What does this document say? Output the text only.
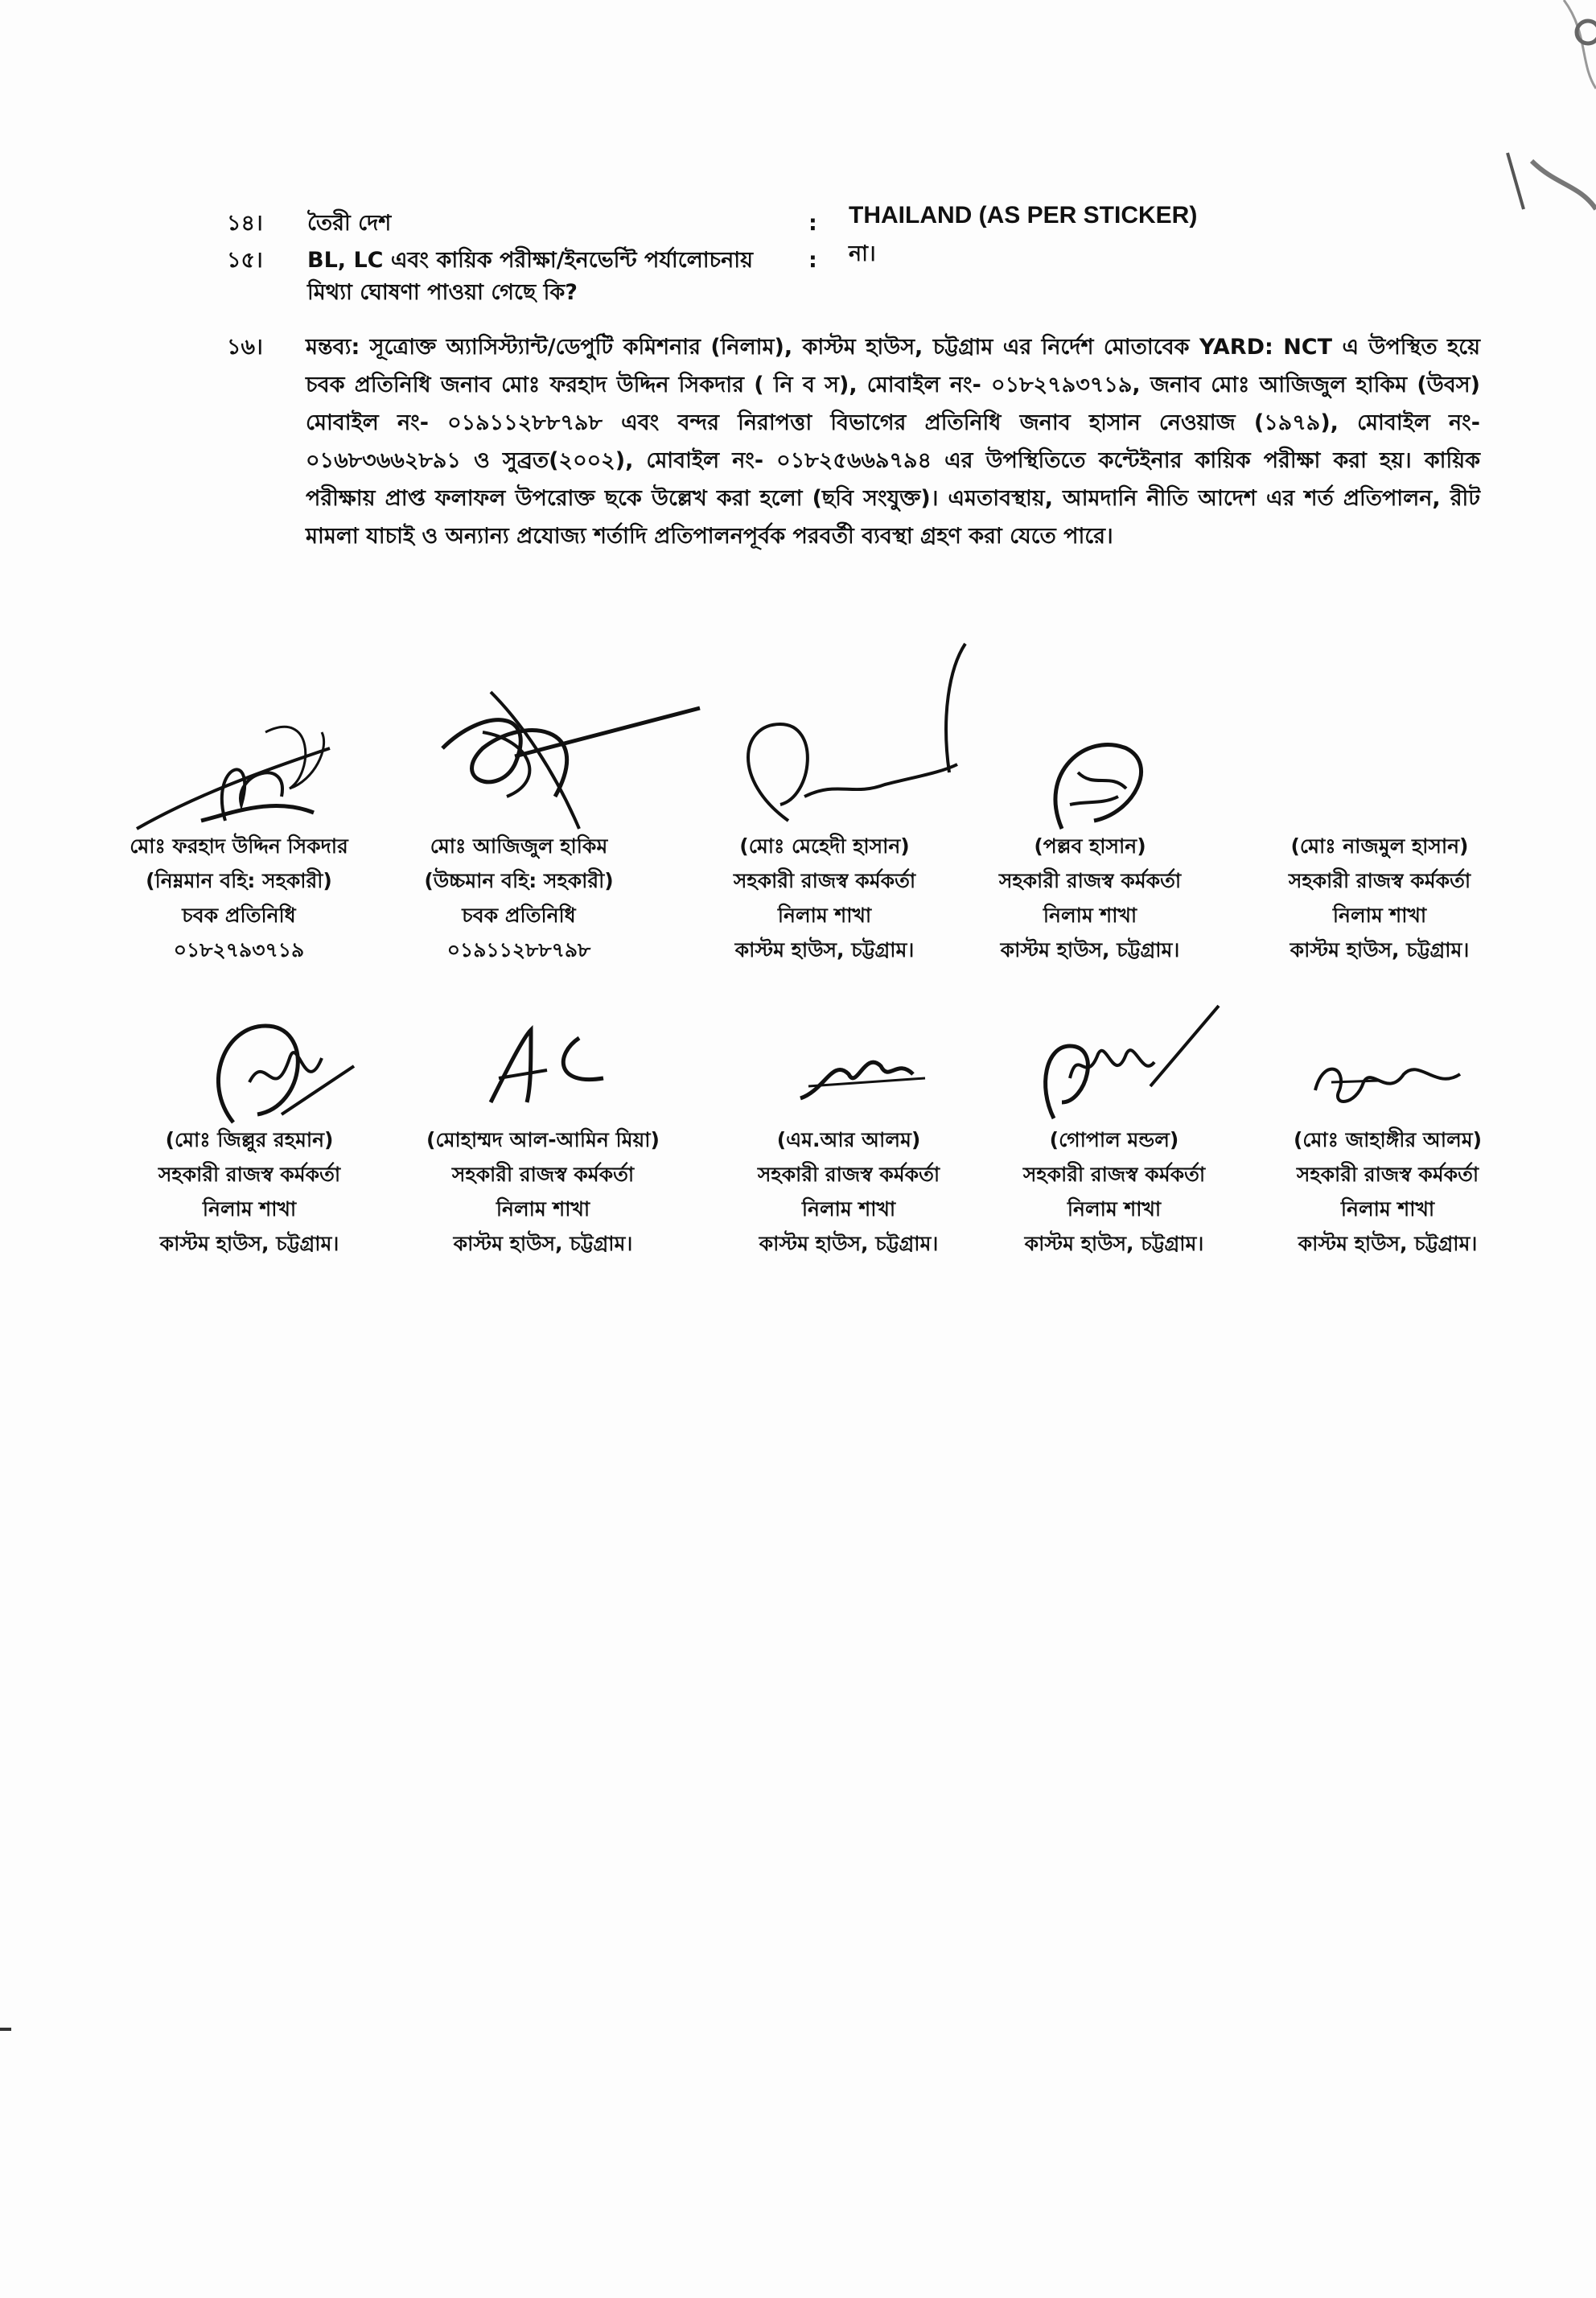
১৪।	তৈরী দেশ	:	THAILAND (AS PER STICKER)
১৫।	BL, LC এবং কায়িক পরীক্ষা/ইনভেন্টি পর্যালোচনায়
মিথ্যা ঘোষণা পাওয়া গেছে কি?
:	না।
১৬।	মন্তব্য: সূত্রোক্ত অ্যাসিস্ট্যান্ট/ডেপুটি কমিশনার (নিলাম), কাস্টম হাউস, চট্টগ্রাম এর নির্দেশ মোতাবেক YARD: NCT এ উপস্থিত হয়ে চবক প্রতিনিধি জনাব মোঃ ফরহাদ উদ্দিন সিকদার ( নি ব স), মোবাইল নং- ০১৮২৭৯৩৭১৯, জনাব মোঃ আজিজুল হাকিম (উবস) মোবাইল নং- ০১৯১১২৮৮৭৯৮ এবং বন্দর নিরাপত্তা বিভাগের প্রতিনিধি জনাব হাসান নেওয়াজ (১৯৭৯), মোবাইল নং- ০১৬৮৩৬৬২৮৯১ ও সুব্রত(২০০২), মোবাইল নং- ০১৮২৫৬৬৯৭৯৪ এর উপস্থিতিতে কন্টেইনার কায়িক পরীক্ষা করা হয়। কায়িক পরীক্ষায় প্রাপ্ত ফলাফল উপরোক্ত ছকে উল্লেখ করা হলো (ছবি সংযুক্ত)। এমতাবস্থায়, আমদানি নীতি আদেশ এর শর্ত প্রতিপালন, রীট মামলা যাচাই ও অন্যান্য প্রযোজ্য শর্তাদি প্রতিপালনপূর্বক পরবর্তী ব্যবস্থা গ্রহণ করা যেতে পারে।
মোঃ ফরহাদ উদ্দিন সিকদার
(নিম্নমান বহি: সহকারী)
চবক প্রতিনিধি
০১৮২৭৯৩৭১৯
মোঃ আজিজুল হাকিম
(উচ্চমান বহি: সহকারী)
চবক প্রতিনিধি
০১৯১১২৮৮৭৯৮
(মোঃ মেহেদী হাসান)
সহকারী রাজস্ব কর্মকর্তা
নিলাম শাখা
কাস্টম হাউস, চট্টগ্রাম।
(পল্লব হাসান)
সহকারী রাজস্ব কর্মকর্তা
নিলাম শাখা
কাস্টম হাউস, চট্টগ্রাম।
(মোঃ নাজমুল হাসান)
সহকারী রাজস্ব কর্মকর্তা
নিলাম শাখা
কাস্টম হাউস, চট্টগ্রাম।
(মোঃ জিল্লুর রহমান)
সহকারী রাজস্ব কর্মকর্তা
নিলাম শাখা
কাস্টম হাউস, চট্টগ্রাম।
(মোহাম্মদ আল-আমিন মিয়া)
সহকারী রাজস্ব কর্মকর্তা
নিলাম শাখা
কাস্টম হাউস, চট্টগ্রাম।
(এম.আর আলম)
সহকারী রাজস্ব কর্মকর্তা
নিলাম শাখা
কাস্টম হাউস, চট্টগ্রাম।
(গোপাল মন্ডল)
সহকারী রাজস্ব কর্মকর্তা
নিলাম শাখা
কাস্টম হাউস, চট্টগ্রাম।
(মোঃ জাহাঙ্গীর আলম)
সহকারী রাজস্ব কর্মকর্তা
নিলাম শাখা
কাস্টম হাউস, চট্টগ্রাম।
